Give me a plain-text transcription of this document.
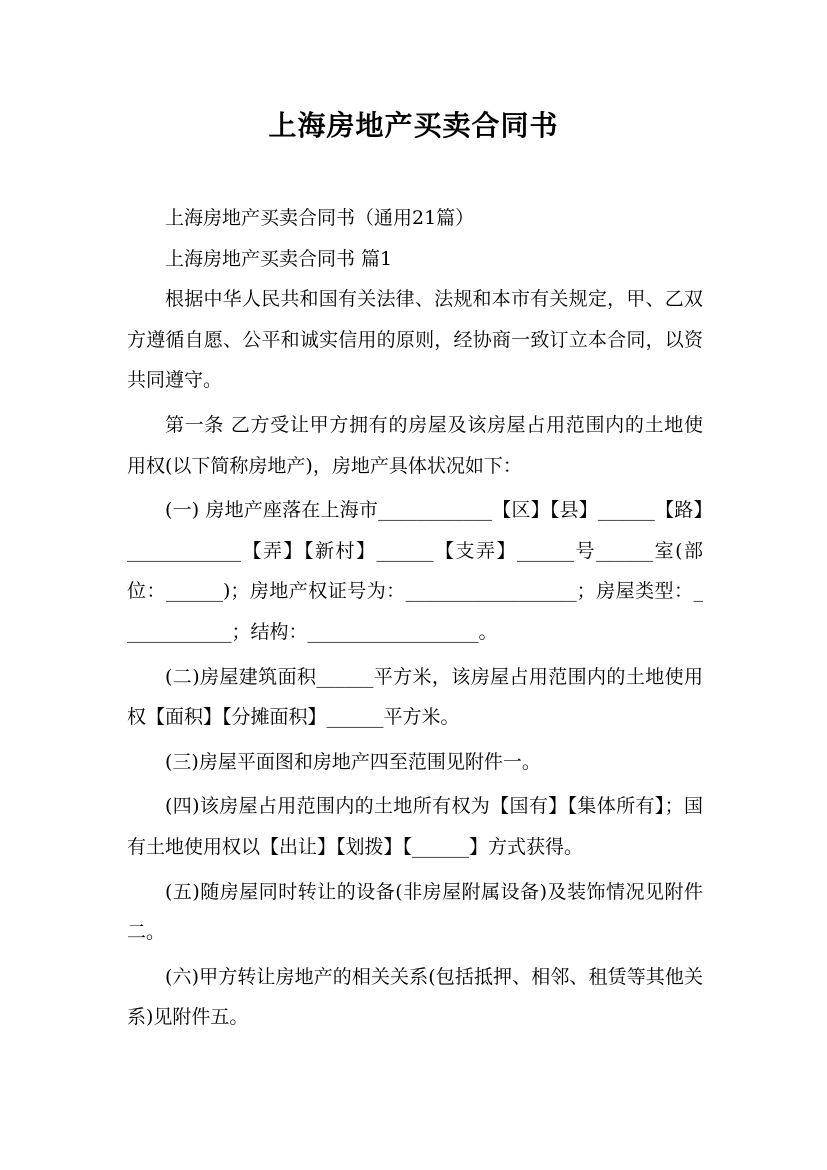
上海房地产买卖合同书

上海房地产买卖合同书（通用21篇）

上海房地产买卖合同书 篇1

根据中华人民共和国有关法律、法规和本市有关规定，甲、乙双方遵循自愿、公平和诚实信用的原则，经协商一致订立本合同，以资共同遵守。

第一条 乙方受让甲方拥有的房屋及该房屋占用范围内的土地使用权(以下简称房地产)，房地产具体状况如下：

(一) 房地产座落在上海市____________【区】【县】______【路】____________【弄】【新村】______【支弄】______号______室(部位：______)；房地产权证号为：__________________；房屋类型：____________；结构：__________________。

(二)房屋建筑面积______平方米，该房屋占用范围内的土地使用权【面积】【分摊面积】______平方米。

(三)房屋平面图和房地产四至范围见附件一。

(四)该房屋占用范围内的土地所有权为【国有】【集体所有】；国有土地使用权以【出让】【划拨】【______】方式获得。

(五)随房屋同时转让的设备(非房屋附属设备)及装饰情况见附件二。

(六)甲方转让房地产的相关关系(包括抵押、相邻、租赁等其他关系)见附件五。
